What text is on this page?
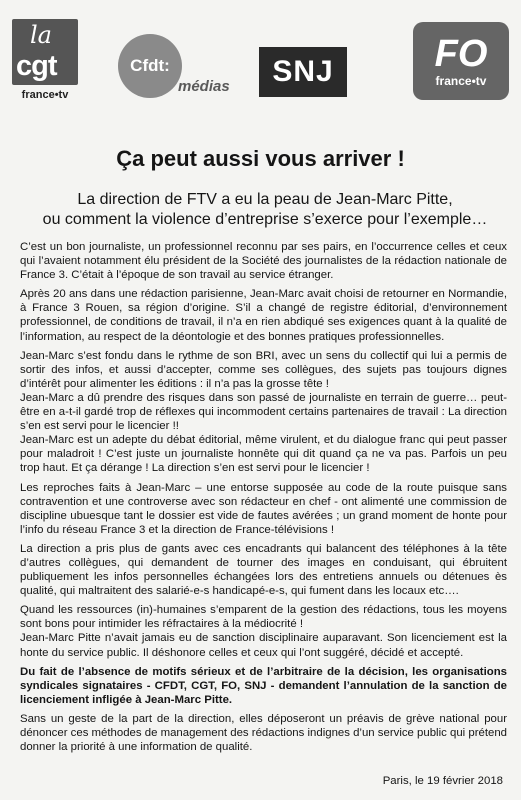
la
cgt
france•tv
Cfdt:
médias SNJ	FO
france•tv
Ça peut aussi vous arriver !
La direction de FTV a eu la peau de Jean-Marc Pitte,
ou comment la violence d’entreprise s’exerce pour l’exemple…

C’est un bon journaliste, un professionnel reconnu par ses pairs, en l’occurrence celles et ceux qui l’avaient notamment élu président de la Société des journalistes de la rédaction nationale de France 3. C’était à l’époque de son travail au service étranger.

Après 20 ans dans une rédaction parisienne, Jean-Marc avait choisi de retourner en Normandie, à France 3 Rouen, sa région d’origine. S’il a changé de registre éditorial, d’environnement professionnel, de conditions de travail, il n’a en rien abdiqué ses exigences quant à la qualité de l’information, au respect de la déontologie et des bonnes pratiques professionnelles.

Jean-Marc s’est fondu dans le rythme de son BRI, avec un sens du collectif qui lui a permis de sortir des infos, et aussi d’accepter, comme ses collègues, des sujets pas toujours dignes d’intérêt pour alimenter les éditions : il n’a pas la grosse tête !

Jean-Marc a dû prendre des risques dans son passé de journaliste en terrain de guerre… peut-être en a-t-il gardé trop de réflexes qui incommodent certains partenaires de travail : La direction s’en est servi pour le licencier !!

Jean-Marc est un adepte du débat éditorial, même virulent, et du dialogue franc qui peut passer pour maladroit ! C’est juste un journaliste honnête qui dit quand ça ne va pas. Parfois un peu trop haut. Et ça dérange ! La direction s’en est servi pour le licencier !

Les reproches faits à Jean-Marc – une entorse supposée au code de la route puisque sans contravention et une controverse avec son rédacteur en chef - ont alimenté une commission de discipline ubuesque tant le dossier est vide de fautes avérées ; un grand moment de honte pour l’info du réseau France 3 et la direction de France-télévisions !

La direction a pris plus de gants avec ces encadrants qui balancent des téléphones à la tête d’autres collègues, qui demandent de tourner des images en conduisant, qui ébruitent publiquement les infos personnelles échangées lors des entretiens annuels ou détenues ès qualité, qui maltraitent des salarié-e-s handicapé-e-s, qui fument dans les locaux etc….

Quand les ressources (in)-humaines s’emparent de la gestion des rédactions, tous les moyens sont bons pour intimider les réfractaires à la médiocrité !

Jean-Marc Pitte n’avait jamais eu de sanction disciplinaire auparavant. Son licenciement est la honte du service public. Il déshonore celles et ceux qui l’ont suggéré, décidé et accepté.

Du fait de l’absence de motifs sérieux et de l’arbitraire de la décision, les organisations syndicales signataires - CFDT, CGT, FO, SNJ - demandent l’annulation de la sanction de licenciement infligée à Jean-Marc Pitte.

Sans un geste de la part de la direction, elles déposeront un préavis de grève national pour dénoncer ces méthodes de management des rédactions indignes d’un service public qui prétend donner la priorité à une information de qualité.

Paris, le 19 février 2018
